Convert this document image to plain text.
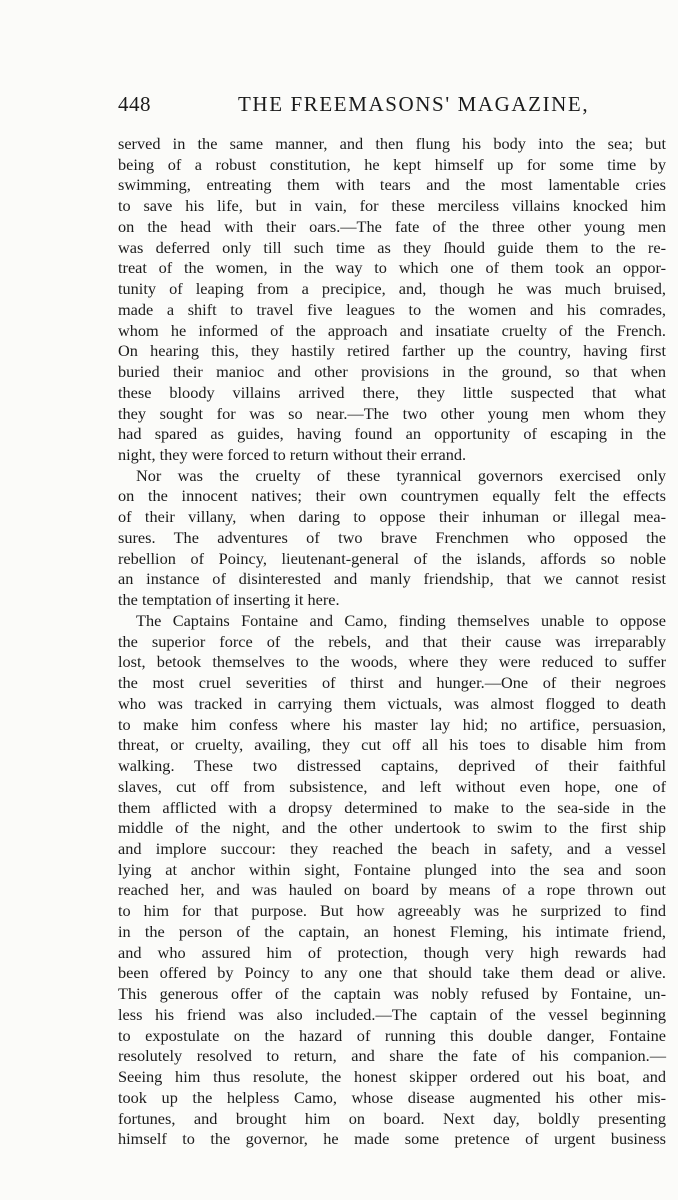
448	THE FREEMASONS' MAGAZINE,
served in the same manner, and then flung his body into the sea; but
being of a robust constitution, he kept himself up for some time by
swimming, entreating them with tears and the most lamentable cries
to save his life, but in vain, for these merciless villains knocked him
on the head with their oars.—The fate of the three other young men
was deferred only till such time as they ſhould guide them to the re-
treat of the women, in the way to which one of them took an oppor-
tunity of leaping from a precipice, and, though he was much bruised,
made a shift to travel five leagues to the women and his comrades,
whom he informed of the approach and insatiate cruelty of the French.
On hearing this, they hastily retired farther up the country, having first
buried their manioc and other provisions in the ground, so that when
these bloody villains arrived there, they little suspected that what
they sought for was so near.—The two other young men whom they
had spared as guides, having found an opportunity of escaping in the
night, they were forced to return without their errand.
Nor was the cruelty of these tyrannical governors exercised only
on the innocent natives; their own countrymen equally felt the effects
of their villany, when daring to oppose their inhuman or illegal mea-
sures. The adventures of two brave Frenchmen who opposed the
rebellion of Poincy, lieutenant-general of the islands, affords so noble
an instance of disinterested and manly friendship, that we cannot resist
the temptation of inserting it here.
The Captains Fontaine and Camo, finding themselves unable to oppose
the superior force of the rebels, and that their cause was irreparably
lost, betook themselves to the woods, where they were reduced to suffer
the most cruel severities of thirst and hunger.—One of their negroes
who was tracked in carrying them victuals, was almost flogged to death
to make him confess where his master lay hid; no artifice, persuasion,
threat, or cruelty, availing, they cut off all his toes to disable him from
walking. These two distressed captains, deprived of their faithful
slaves, cut off from subsistence, and left without even hope, one of
them afflicted with a dropsy determined to make to the sea-side in the
middle of the night, and the other undertook to swim to the first ship
and implore succour: they reached the beach in safety, and a vessel
lying at anchor within sight, Fontaine plunged into the sea and soon
reached her, and was hauled on board by means of a rope thrown out
to him for that purpose. But how agreeably was he surprized to find
in the person of the captain, an honest Fleming, his intimate friend,
and who assured him of protection, though very high rewards had
been offered by Poincy to any one that should take them dead or alive.
This generous offer of the captain was nobly refused by Fontaine, un-
less his friend was also included.—The captain of the vessel beginning
to expostulate on the hazard of running this double danger, Fontaine
resolutely resolved to return, and share the fate of his companion.—
Seeing him thus resolute, the honest skipper ordered out his boat, and
took up the helpless Camo, whose disease augmented his other mis-
fortunes, and brought him on board. Next day, boldly presenting
himself to the governor, he made some pretence of urgent business
